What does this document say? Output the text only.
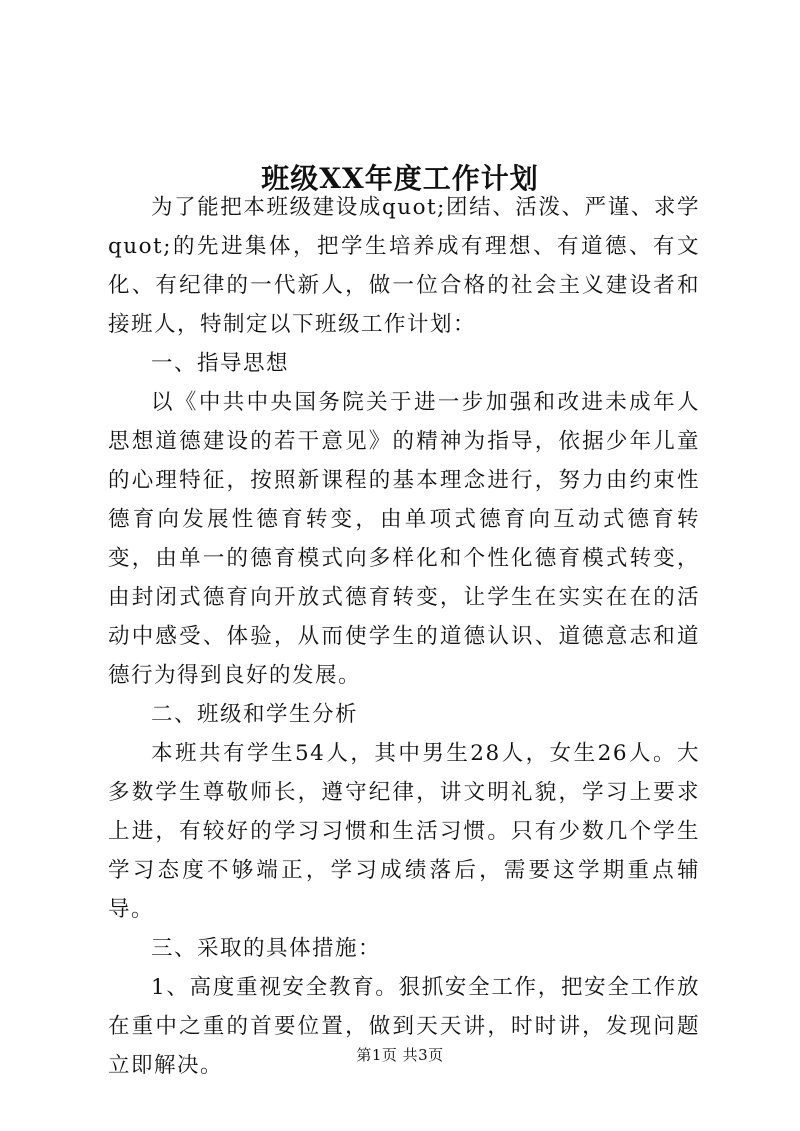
班级XX年度工作计划

为了能把本班级建设成quot;团结、活泼、严谨、求学quot;的先进集体，把学生培养成有理想、有道德、有文化、有纪律的一代新人，做一位合格的社会主义建设者和接班人，特制定以下班级工作计划：

一、指导思想

以《中共中央国务院关于进一步加强和改进未成年人思想道德建设的若干意见》的精神为指导，依据少年儿童的心理特征，按照新课程的基本理念进行，努力由约束性德育向发展性德育转变，由单项式德育向互动式德育转变，由单一的德育模式向多样化和个性化德育模式转变，由封闭式德育向开放式德育转变，让学生在实实在在的活动中感受、体验，从而使学生的道德认识、道德意志和道德行为得到良好的发展。

二、班级和学生分析

本班共有学生54人，其中男生28人，女生26人。大多数学生尊敬师长，遵守纪律，讲文明礼貌，学习上要求上进，有较好的学习习惯和生活习惯。只有少数几个学生学习态度不够端正，学习成绩落后，需要这学期重点辅导。

三、采取的具体措施：

1、高度重视安全教育。狠抓安全工作，把安全工作放在重中之重的首要位置，做到天天讲，时时讲，发现问题立即解决。	第1页 共3页
